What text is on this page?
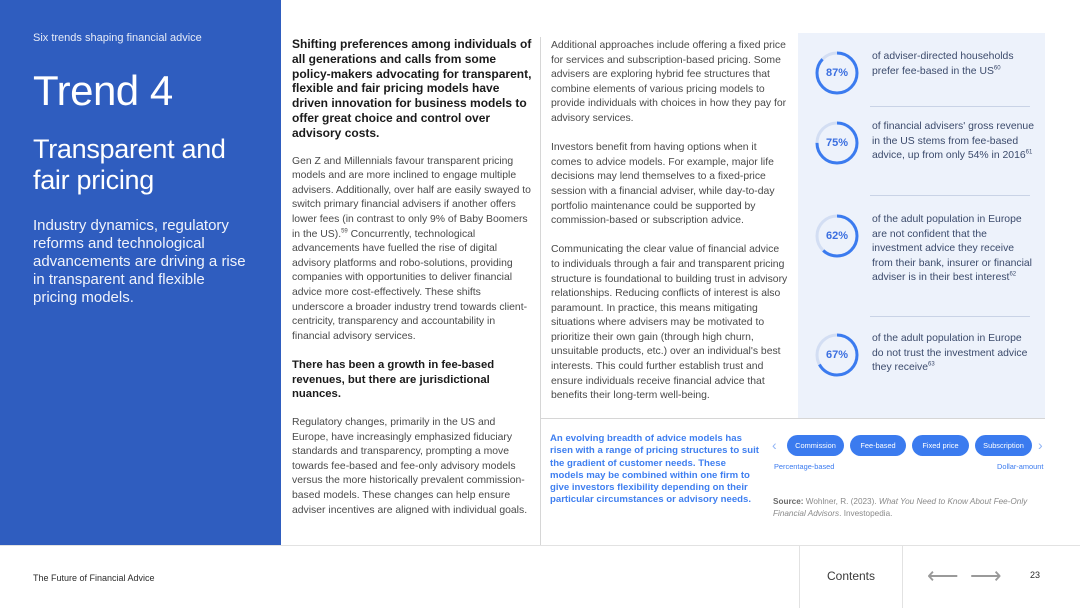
Six trends shaping financial advice
Trend 4
Transparent and fair pricing
Industry dynamics, regulatory reforms and technological advancements are driving a rise in transparent and flexible pricing models.

Shifting preferences among individuals of all generations and calls from some policy-makers advocating for transparent, flexible and fair pricing models have driven innovation for business models to offer great choice and control over advisory costs.

Gen Z and Millennials favour transparent pricing models and are more inclined to engage multiple advisers. Additionally, over half are easily swayed to switch primary financial advisers if another offers lower fees (in contrast to only 9% of Baby Boomers in the US).$^{59}$ Concurrently, technological advancements have fuelled the rise of digital advisory platforms and robo-solutions, providing companies with opportunities to deliver financial advice more cost-effectively. These shifts underscore a broader industry trend towards client-centricity, transparency and accountability in financial advisory services.

There has been a growth in fee-based revenues, but there are jurisdictional nuances.

Regulatory changes, primarily in the US and Europe, have increasingly emphasized fiduciary standards and transparency, prompting a move towards fee-based and fee-only advisory models versus the more historically prevalent commission-based models. These changes can help ensure adviser incentives are aligned with individual goals.

Additional approaches include offering a fixed price for services and subscription-based pricing. Some advisers are exploring hybrid fee structures that combine elements of various pricing models to provide individuals with choices in how they pay for advisory services.

Investors benefit from having options when it comes to advice models. For example, major life decisions may lend themselves to a fixed-price session with a financial adviser, while day-to-day portfolio maintenance could be supported by commission-based or subscription advice.

Communicating the clear value of financial advice to individuals through a fair and transparent pricing structure is foundational to building trust in advisory relationships. Reducing conflicts of interest is also paramount. In practice, this means mitigating situations where advisers may be motivated to prioritize their own gain (through high churn, unsuitable products, etc.) over an individual's best interests. This could further establish trust and ensure individuals receive financial advice that benefits their long-term well-being.

87%
of adviser-directed households prefer fee-based in the US$^{60}$
75%
of financial advisers' gross revenue in the US stems from fee-based advice, up from only 54% in 2016$^{61}$
62%
of the adult population in Europe are not confident that the investment advice they receive from their bank, insurer or financial adviser is in their best interest$^{62}$
67%
of the adult population in Europe do not trust the investment advice they receive$^{63}$
An evolving breadth of advice models has risen with a range of pricing structures to suit the gradient of customer needs. These models may be combined within one firm to give investors flexibility depending on their particular circumstances or advisory needs.
‹	Commission	Fee-based	Fixed price	Subscription	›
Percentage-based	Dollar-amount
Source: Wohlner, R. (2023). What You Need to Know About Fee-Only Financial Advisors. Investopedia.
The Future of Financial Advice	Contents	⟵ ⟶	23
